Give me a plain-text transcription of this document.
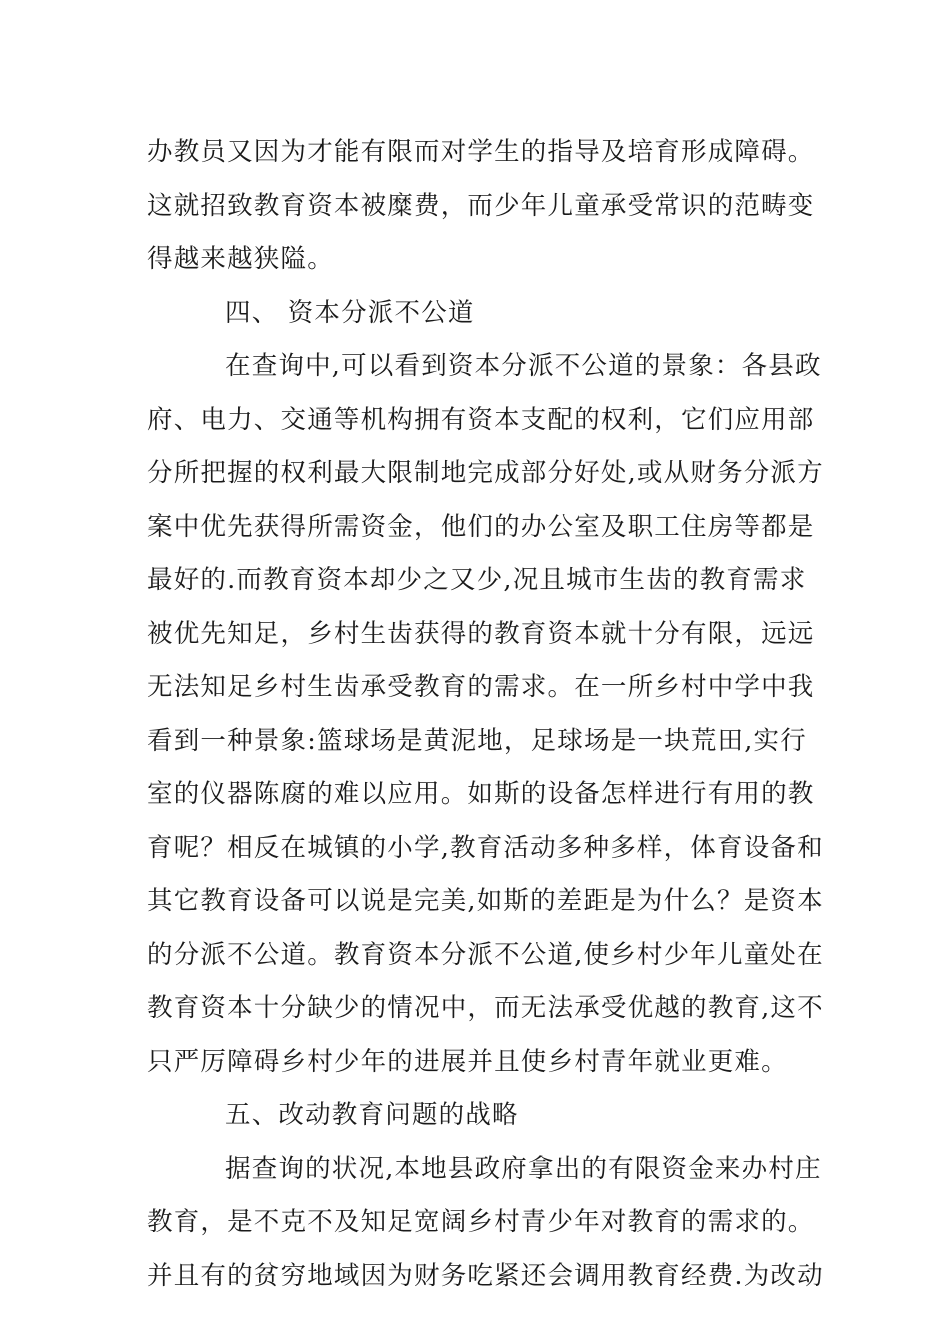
办教员又因为才能有限而对学生的指导及培育形成障碍。
这就招致教育资本被糜费，而少年儿童承受常识的范畴变
得越来越狭隘。
四、 资本分派不公道
在查询中,可以看到资本分派不公道的景象：各县政
府、电力、交通等机构拥有资本支配的权利，它们应用部
分所把握的权利最大限制地完成部分好处,或从财务分派方
案中优先获得所需资金，他们的办公室及职工住房等都是
最好的.而教育资本却少之又少,况且城市生齿的教育需求
被优先知足，乡村生齿获得的教育资本就十分有限，远远
无法知足乡村生齿承受教育的需求。在一所乡村中学中我
看到一种景象:篮球场是黄泥地，足球场是一块荒田,实行
室的仪器陈腐的难以应用。如斯的设备怎样进行有用的教
育呢？相反在城镇的小学,教育活动多种多样，体育设备和
其它教育设备可以说是完美,如斯的差距是为什么？是资本
的分派不公道。教育资本分派不公道,使乡村少年儿童处在
教育资本十分缺少的情况中，而无法承受优越的教育,这不
只严厉障碍乡村少年的进展并且使乡村青年就业更难。
五、改动教育问题的战略
据查询的状况,本地县政府拿出的有限资金来办村庄
教育，是不克不及知足宽阔乡村青少年对教育的需求的。
并且有的贫穷地域因为财务吃紧还会调用教育经费.为改动
